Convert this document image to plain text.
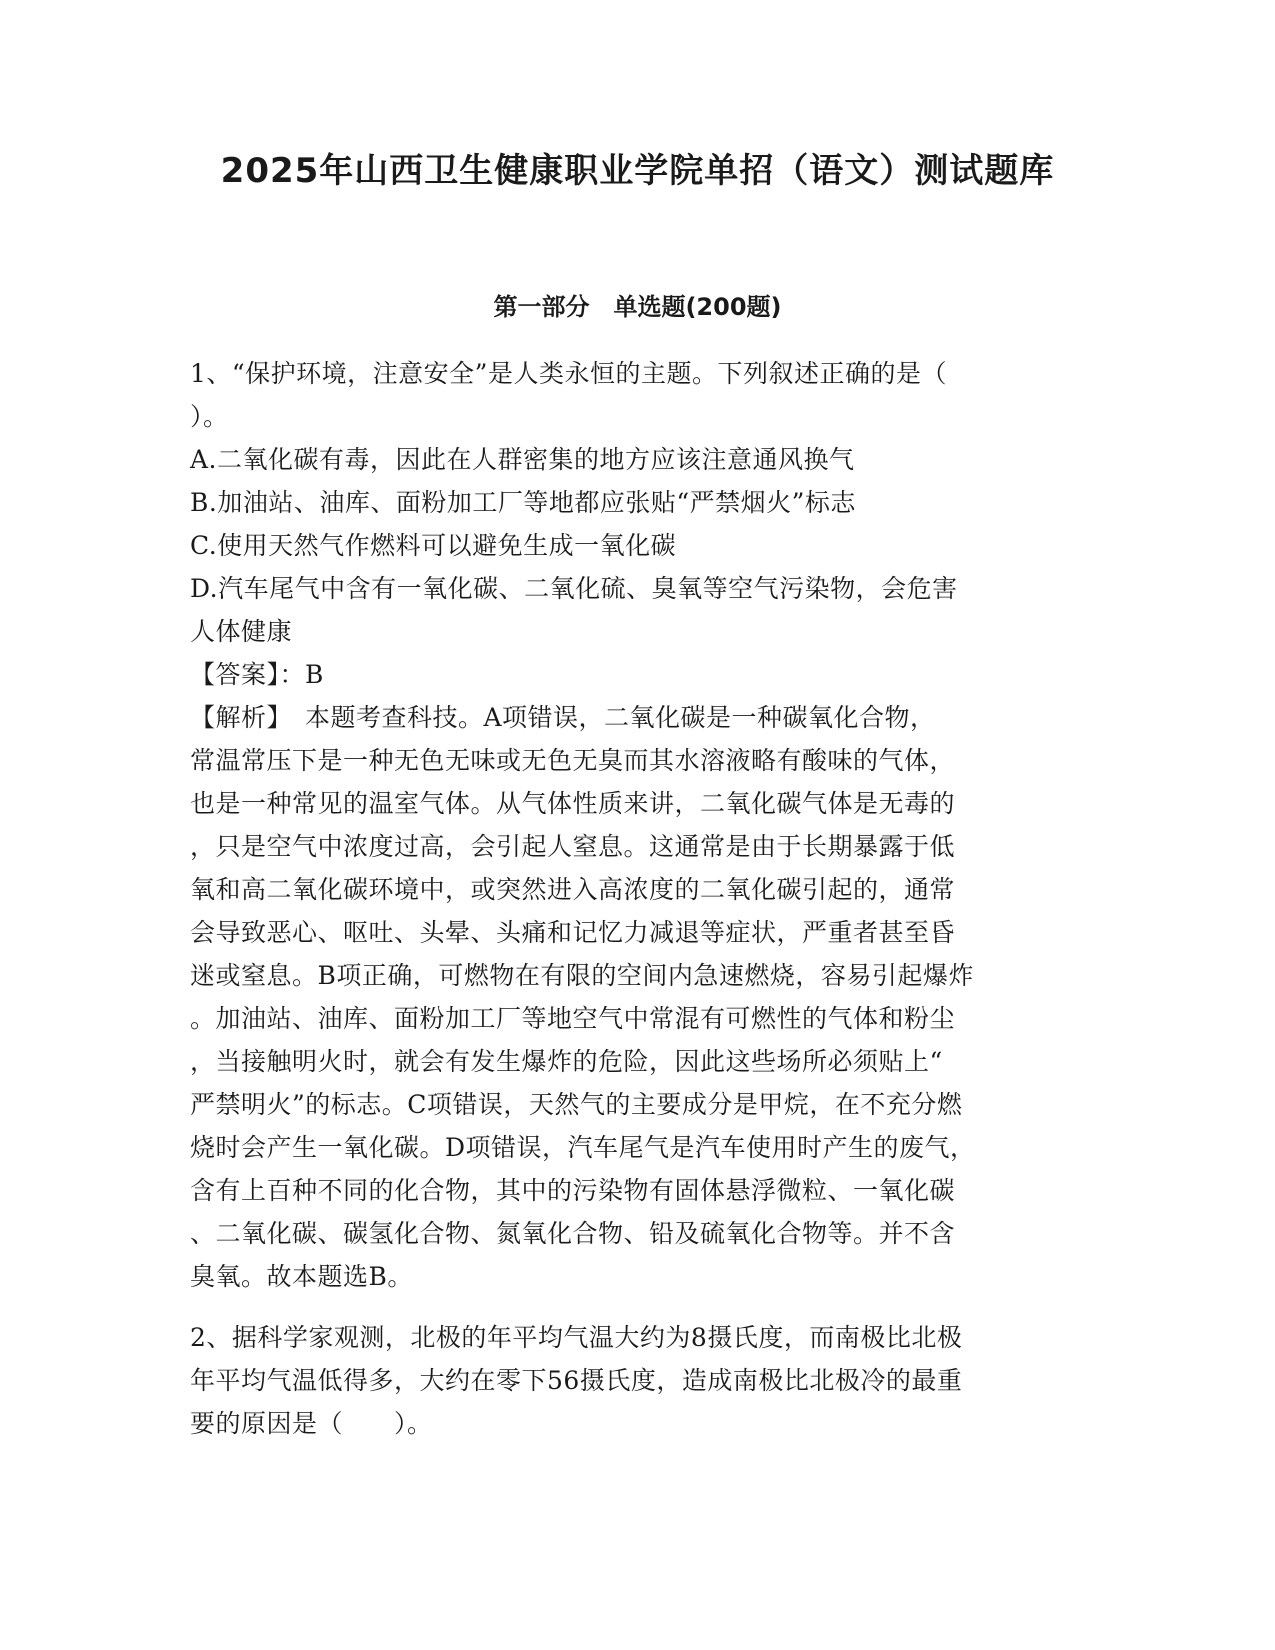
2025年山西卫生健康职业学院单招（语文）测试题库
第一部分　单选题(200题)
1、“保护环境，注意安全”是人类永恒的主题。下列叙述正确的是（
）。
A.二氧化碳有毒，因此在人群密集的地方应该注意通风换气
B.加油站、油库、面粉加工厂等地都应张贴“严禁烟火”标志
C.使用天然气作燃料可以避免生成一氧化碳
D.汽车尾气中含有一氧化碳、二氧化硫、臭氧等空气污染物，会危害
人体健康
【答案】：B
【解析】　本题考查科技。A项错误，二氧化碳是一种碳氧化合物，
常温常压下是一种无色无味或无色无臭而其水溶液略有酸味的气体，
也是一种常见的温室气体。从气体性质来讲，二氧化碳气体是无毒的
，只是空气中浓度过高，会引起人窒息。这通常是由于长期暴露于低
氧和高二氧化碳环境中，或突然进入高浓度的二氧化碳引起的，通常
会导致恶心、呕吐、头晕、头痛和记忆力减退等症状，严重者甚至昏
迷或窒息。B项正确，可燃物在有限的空间内急速燃烧，容易引起爆炸
。加油站、油库、面粉加工厂等地空气中常混有可燃性的气体和粉尘
，当接触明火时，就会有发生爆炸的危险，因此这些场所必须贴上“
严禁明火”的标志。C项错误，天然气的主要成分是甲烷，在不充分燃
烧时会产生一氧化碳。D项错误，汽车尾气是汽车使用时产生的废气，
含有上百种不同的化合物，其中的污染物有固体悬浮微粒、一氧化碳
、二氧化碳、碳氢化合物、氮氧化合物、铅及硫氧化合物等。并不含
臭氧。故本题选B。
2、据科学家观测，北极的年平均气温大约为8摄氏度，而南极比北极
年平均气温低得多，大约在零下56摄氏度，造成南极比北极冷的最重
要的原因是（　　）。
